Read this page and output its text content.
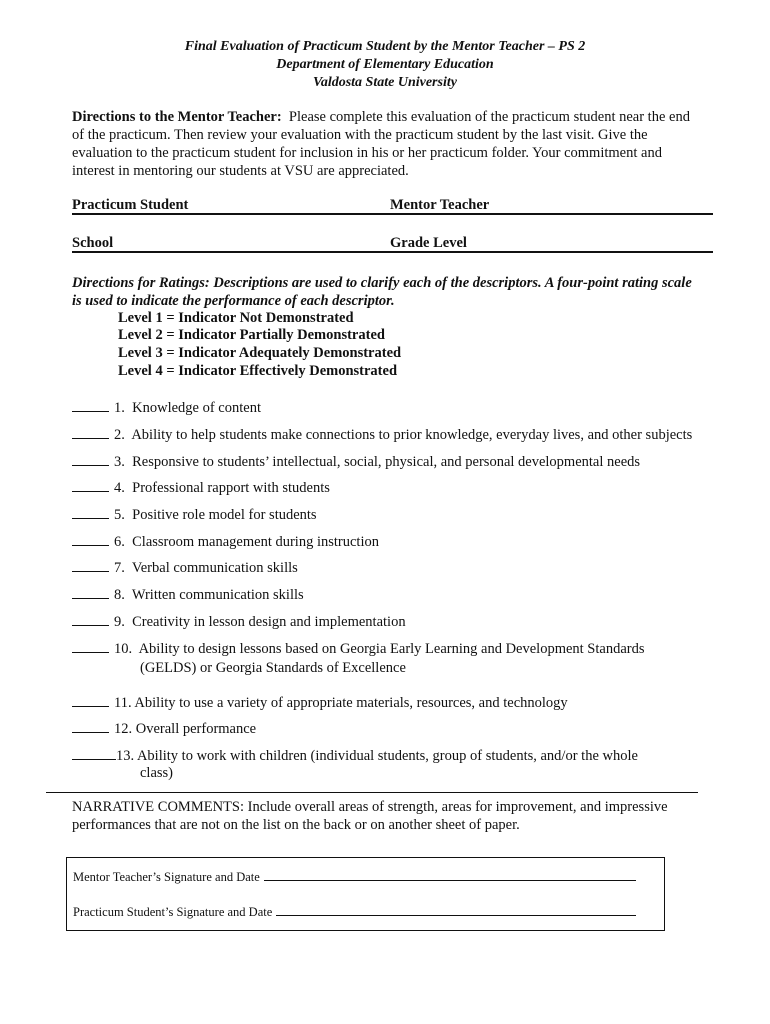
Final Evaluation of Practicum Student by the Mentor Teacher – PS 2
Department of Elementary Education
Valdosta State University
Directions to the Mentor Teacher: Please complete this evaluation of the practicum student near the end of the practicum. Then review your evaluation with the practicum student by the last visit. Give the evaluation to the practicum student for inclusion in his or her practicum folder. Your commitment and interest in mentoring our students at VSU are appreciated.
Practicum Student	Mentor Teacher
School	Grade Level
Directions for Ratings: Descriptions are used to clarify each of the descriptors. A four-point rating scale is used to indicate the performance of each descriptor.
Level 1 = Indicator Not Demonstrated
Level 2 = Indicator Partially Demonstrated
Level 3 = Indicator Adequately Demonstrated
Level 4 = Indicator Effectively Demonstrated
1. Knowledge of content
2. Ability to help students make connections to prior knowledge, everyday lives, and other subjects
3. Responsive to students’ intellectual, social, physical, and personal developmental needs
4. Professional rapport with students
5. Positive role model for students
6. Classroom management during instruction
7. Verbal communication skills
8. Written communication skills
9. Creativity in lesson design and implementation
10. Ability to design lessons based on Georgia Early Learning and Development Standards
(GELDS) or Georgia Standards of Excellence
11. Ability to use a variety of appropriate materials, resources, and technology
12. Overall performance
13. Ability to work with children (individual students, group of students, and/or the whole
class)
NARRATIVE COMMENTS: Include overall areas of strength, areas for improvement, and impressive performances that are not on the list on the back or on another sheet of paper.
Mentor Teacher’s Signature and Date
Practicum Student’s Signature and Date
